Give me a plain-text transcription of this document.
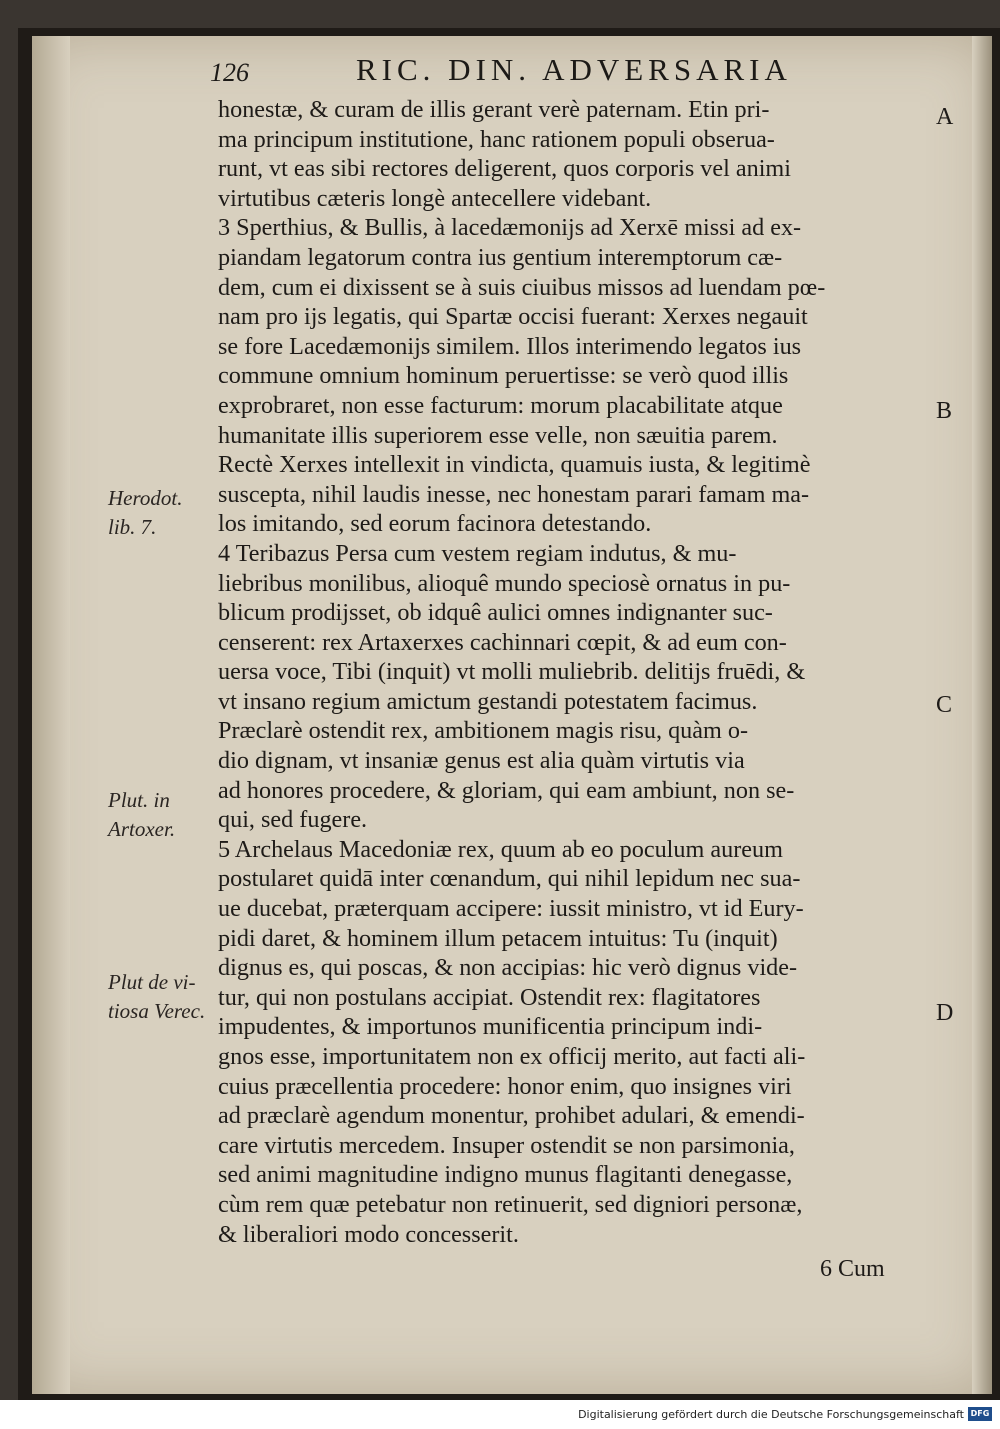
126	RIC. DIN. ADVERSARIA
honestæ, & curam de illis gerant verè paternam. Etin pri-
ma principum institutione, hanc rationem populi obserua-
runt, vt eas sibi rectores deligerent, quos corporis vel animi
virtutibus cæteris longè antecellere videbant.
3 Sperthius, & Bullis, à lacedæmonijs ad Xerxē missi ad ex-
piandam legatorum contra ius gentium interemptorum cæ-
dem, cum ei dixissent se à suis ciuibus missos ad luendam pœ-
nam pro ijs legatis, qui Spartæ occisi fuerant: Xerxes negauit
se fore Lacedæmonijs similem. Illos interimendo legatos ius
commune omnium hominum peruertisse: se verò quod illis
exprobraret, non esse facturum: morum placabilitate atque
humanitate illis superiorem esse velle, non sæuitia parem.
Rectè Xerxes intellexit in vindicta, quamuis iusta, & legitimè
suscepta, nihil laudis inesse, nec honestam parari famam ma-
los imitando, sed eorum facinora detestando.
4 Teribazus Persa cum vestem regiam indutus, & mu-
liebribus monilibus, alioquê mundo speciosè ornatus in pu-
blicum prodijsset, ob idquê aulici omnes indignanter suc-
censerent: rex Artaxerxes cachinnari cœpit, & ad eum con-
uersa voce, Tibi (inquit) vt molli muliebrib. delitijs fruēdi, &
vt insano regium amictum gestandi potestatem facimus.
Præclarè ostendit rex, ambitionem magis risu, quàm o-
dio dignam, vt insaniæ genus est alia quàm virtutis via
ad honores procedere, & gloriam, qui eam ambiunt, non se-
qui, sed fugere.
5 Archelaus Macedoniæ rex, quum ab eo poculum aureum
postularet quidā inter cœnandum, qui nihil lepidum nec sua-
ue ducebat, præterquam accipere: iussit ministro, vt id Eury-
pidi daret, & hominem illum petacem intuitus: Tu (inquit)
dignus es, qui poscas, & non accipias: hic verò dignus vide-
tur, qui non postulans accipiat. Ostendit rex: flagitatores
impudentes, & importunos munificentia principum indi-
gnos esse, importunitatem non ex officij merito, aut facti ali-
cuius præcellentia procedere: honor enim, quo insignes viri
ad præclarè agendum monentur, prohibet adulari, & emendi-
care virtutis mercedem. Insuper ostendit se non parsimonia,
sed animi magnitudine indigno munus flagitanti denegasse,
cùm rem quæ petebatur non retinuerit, sed digniori personæ,
& liberaliori modo concesserit.
Herodot. lib. 7.
Plut. in Artoxer.
Plut de vi- tiosa Verec.
A
B
C
D
6 Cum
Digitalisierung gefördert durch die Deutsche Forschungsgemeinschaft DFG
